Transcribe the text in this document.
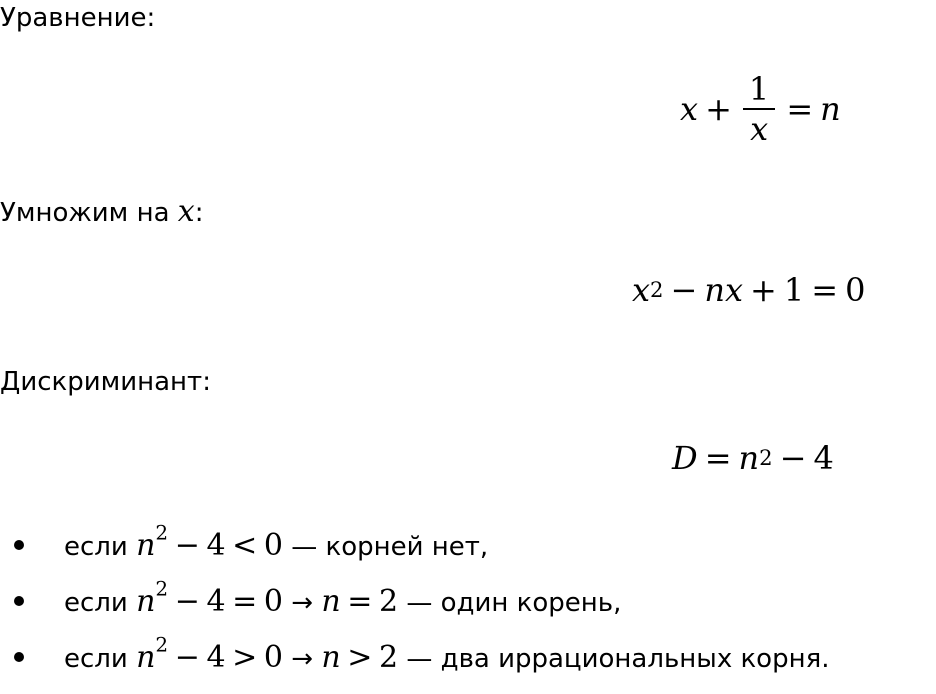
Уравнение:
$x + \frac{1}{x} = n$
Умножим на x:
x 2 − nx + 1 = 0
Дискриминант:
D = n 2 − 4
если $n^2 - 4 < 0$ — корней нет,
если $n^2 - 4 = 0 \to n = 2$ — один корень,
если $n^2 - 4 > 0 \to n > 2$ — два иррациональных корня.
